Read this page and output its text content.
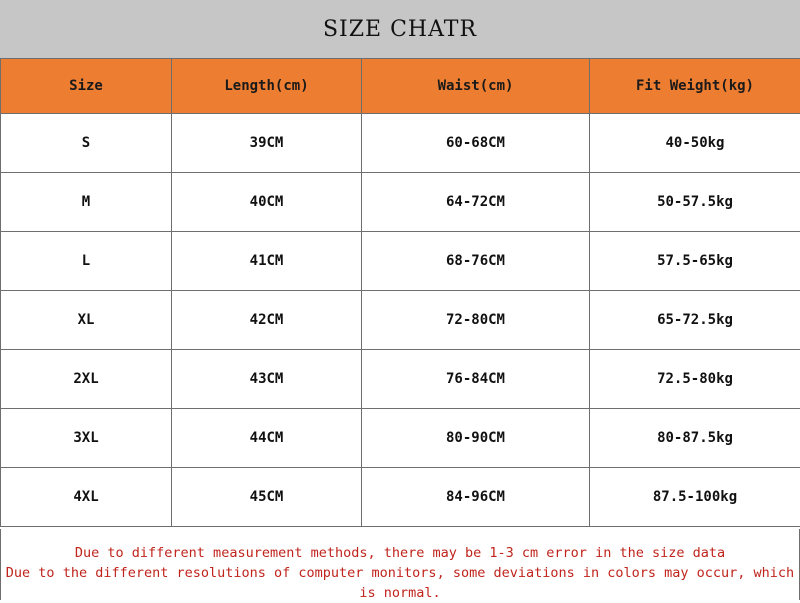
SIZE CHATR
Size	Length(cm)	Waist(cm)	Fit Weight(kg)
S	39CM	60-68CM	40-50kg
M	40CM	64-72CM	50-57.5kg
L	41CM	68-76CM	57.5-65kg
XL	42CM	72-80CM	65-72.5kg
2XL	43CM	76-84CM	72.5-80kg
3XL	44CM	80-90CM	80-87.5kg
4XL	45CM	84-96CM	87.5-100kg

Due to different measurement methods, there may be 1-3 cm error in the size data

Due to the different resolutions of computer monitors, some deviations in colors may occur, which is normal.
